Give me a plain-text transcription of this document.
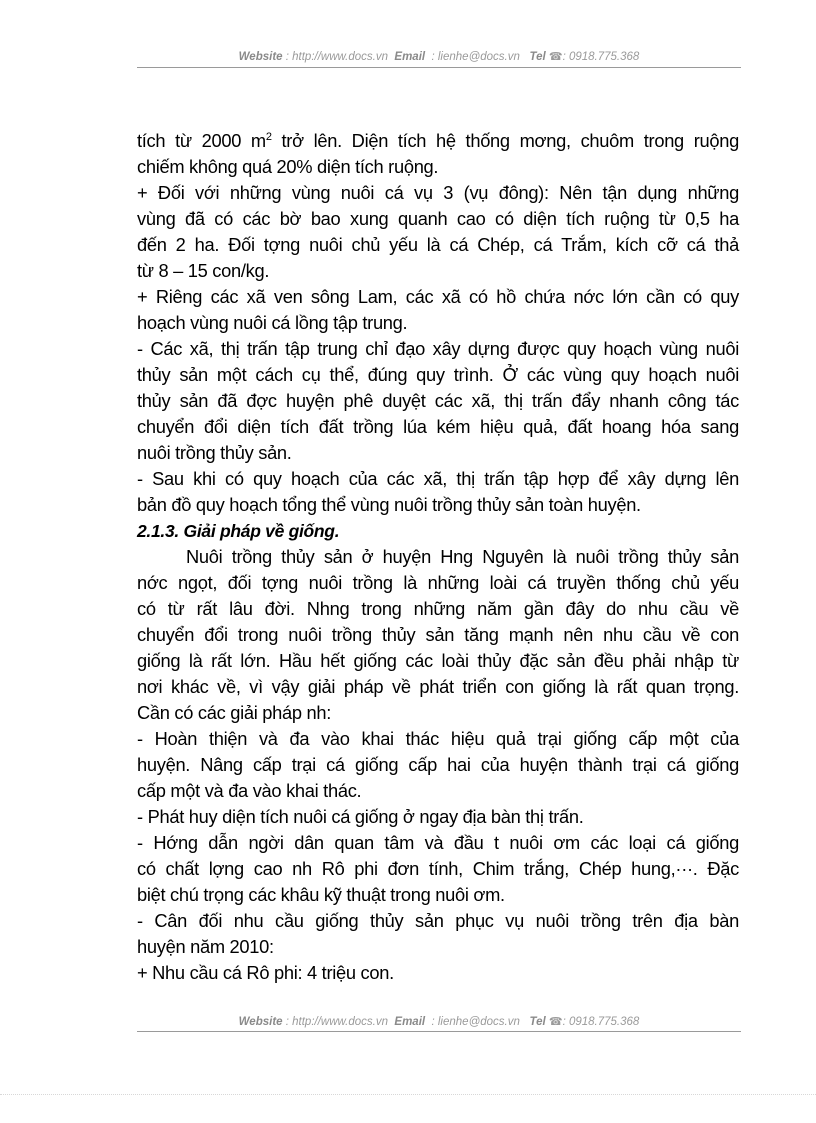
Website : http://www.docs.vn Email : lienhe@docs.vn Tel ☎: 0918.775.368
tích từ 2000 $m^2$ trở lên. Diện tích hệ thống mơng, chuôm trong ruộng
chiếm không quá 20% diện tích ruộng.
+ Đối với những vùng nuôi cá vụ 3 (vụ đông): Nên tận dụng những
vùng đã có các bờ bao xung quanh cao có diện tích ruộng từ 0,5 ha
đến 2 ha. Đối tợng nuôi chủ yếu là cá Chép, cá Trắm, kích cỡ cá thả
từ 8 – 15 con/kg.
+ Riêng các xã ven sông Lam, các xã có hồ chứa nớc lớn cần có quy
hoạch vùng nuôi cá lồng tập trung.
- Các xã, thị trấn tập trung chỉ đạo xây dựng được quy hoạch vùng nuôi
thủy sản một cách cụ thể, đúng quy trình. Ở các vùng quy hoạch nuôi
thủy sản đã đợc huyện phê duyệt các xã, thị trấn đẩy nhanh công tác
chuyển đổi diện tích đất trồng lúa kém hiệu quả, đất hoang hóa sang
nuôi trồng thủy sản.
- Sau khi có quy hoạch của các xã, thị trấn tập hợp để xây dựng lên
bản đồ quy hoạch tổng thể vùng nuôi trồng thủy sản toàn huyện.
2.1.3. Giải pháp về giống.
Nuôi trồng thủy sản ở huyện Hng Nguyên là nuôi trồng thủy sản
nớc ngọt, đối tợng nuôi trồng là những loài cá truyền thống chủ yếu
có từ rất lâu đời. Nhng trong những năm gần đây do nhu cầu về
chuyển đổi trong nuôi trồng thủy sản tăng mạnh nên nhu cầu về con
giống là rất lớn. Hầu hết giống các loài thủy đặc sản đều phải nhập từ
nơi khác về, vì vậy giải pháp về phát triển con giống là rất quan trọng.
Cần có các giải pháp nh:
- Hoàn thiện và đa vào khai thác hiệu quả trại giống cấp một của
huyện. Nâng cấp trại cá giống cấp hai của huyện thành trại cá giống
cấp một và đa vào khai thác.
- Phát huy diện tích nuôi cá giống ở ngay địa bàn thị trấn.
- Hớng dẫn ngời dân quan tâm và đầu t nuôi ơm các loại cá giống
có chất lợng cao nh Rô phi đơn tính, Chim trắng, Chép hung,···. Đặc
biệt chú trọng các khâu kỹ thuật trong nuôi ơm.
- Cân đối nhu cầu giống thủy sản phục vụ nuôi trồng trên địa bàn
huyện năm 2010:
+ Nhu cầu cá Rô phi: 4 triệu con.
Website : http://www.docs.vn Email : lienhe@docs.vn Tel ☎: 0918.775.368
